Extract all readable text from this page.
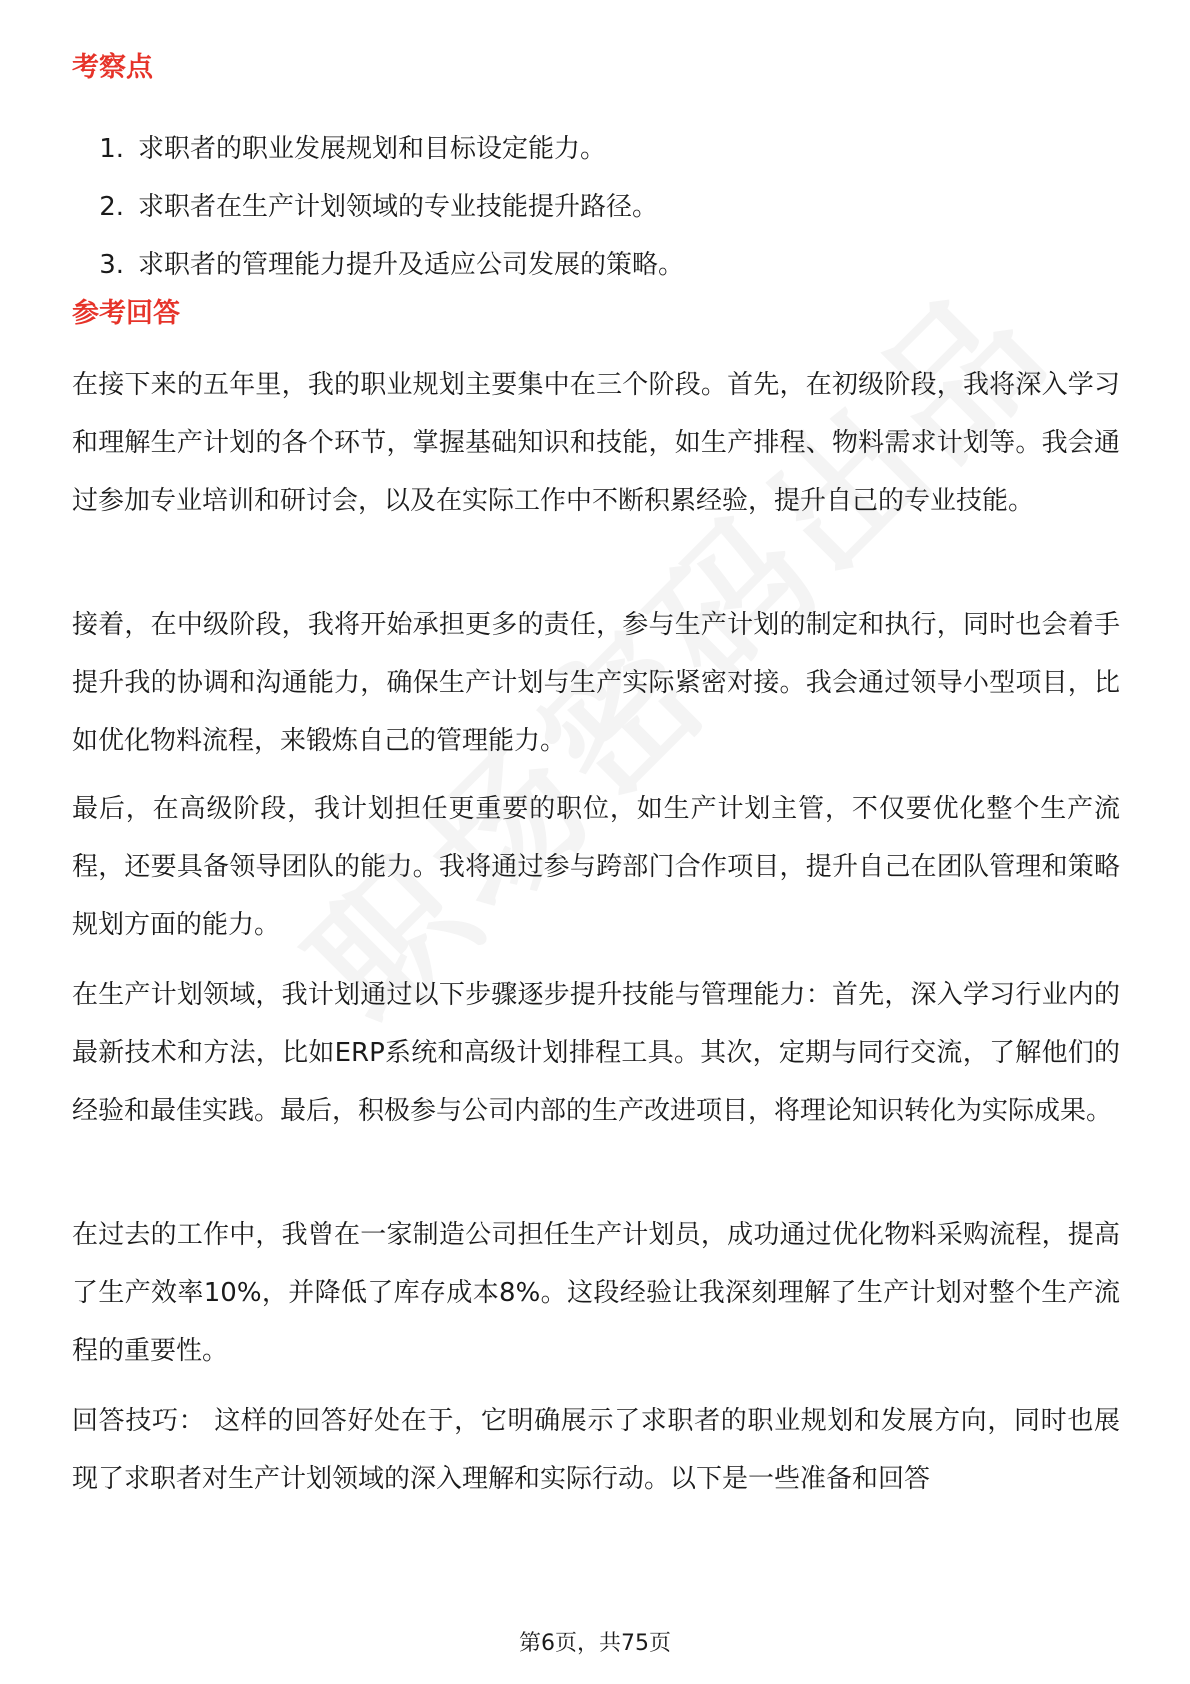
考察点
1. 求职者的职业发展规划和目标设定能力。
2. 求职者在生产计划领域的专业技能提升路径。
3. 求职者的管理能力提升及适应公司发展的策略。
参考回答

在接下来的五年里，我的职业规划主要集中在三个阶段。首先，在初级阶段，我将深入学习和理解生产计划的各个环节，掌握基础知识和技能，如生产排程、物料需求计划等。我会通过参加专业培训和研讨会，以及在实际工作中不断积累经验，提升自己的专业技能。

接着，在中级阶段，我将开始承担更多的责任，参与生产计划的制定和执行，同时也会着手提升我的协调和沟通能力，确保生产计划与生产实际紧密对接。我会通过领导小型项目，比如优化物料流程，来锻炼自己的管理能力。

最后，在高级阶段，我计划担任更重要的职位，如生产计划主管，不仅要优化整个生产流程，还要具备领导团队的能力。我将通过参与跨部门合作项目，提升自己在团队管理和策略规划方面的能力。

在生产计划领域，我计划通过以下步骤逐步提升技能与管理能力：首先，深入学习行业内的最新技术和方法，比如ERP系统和高级计划排程工具。其次，定期与同行交流，了解他们的经验和最佳实践。最后，积极参与公司内部的生产改进项目，将理论知识转化为实际成果。

在过去的工作中，我曾在一家制造公司担任生产计划员，成功通过优化物料采购流程，提高了生产效率10%，并降低了库存成本8%。这段经验让我深刻理解了生产计划对整个生产流程的重要性。

回答技巧： 这样的回答好处在于，它明确展示了求职者的职业规划和发展方向，同时也展现了求职者对生产计划领域的深入理解和实际行动。以下是一些准备和回答

第6页，共75页
